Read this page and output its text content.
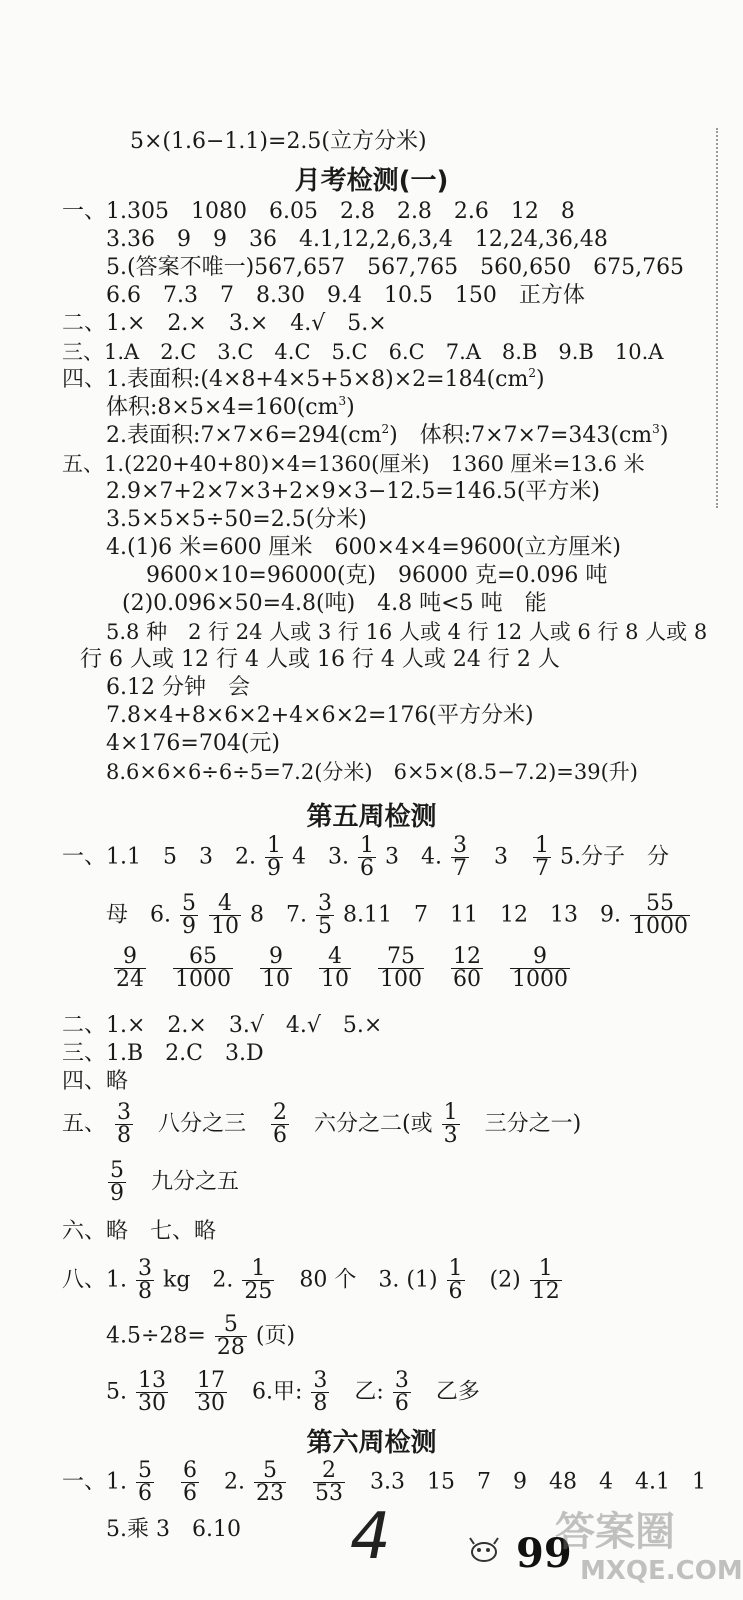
5×(1.6−1.1)=2.5(立方分米)
月考检测(一)
一、1.305　1080　6.05　2.8　2.8　2.6　12　8
3.36　9　9　36　4.1,12,2,6,3,4　12,24,36,48
5.(答案不唯一)567,657　567,765　560,650　675,765
6.6　7.3　7　8.30　9.4　10.5　150　正方体
二、1.×　2.×　3.×　4.√　5.×
三、1.A　2.C　3.C　4.C　5.C　6.C　7.A　8.B　9.B　10.A
四、1.表面积$:(4\times 8+4\times 5+5\times 8)\times 2=184(cm^2)$
体积$:8\times 5\times 4=160(cm^3)$
2.表面积$:7\times 7\times 6=294(cm^2)$　 体积$:7\times 7\times 7=343(cm^3)$
五、1.(220+40+80)×4=1360(厘米)　1360 厘米=13.6 米
2.9×7+2×7×3+2×9×3−12.5=146.5(平方米)
3.5×5×5÷50=2.5(分米)
4.(1)6 米=600 厘米　600×4×4=9600(立方厘米)
9600×10=96000(克)　96000 克=0.096 吨
(2)0.096×50=4.8(吨)　4.8 吨<5 吨　能
5.8 种　2 行 24 人或 3 行 16 人或 4 行 12 人或 6 行 8 人或 8
行 6 人或 12 行 4 人或 16 行 4 人或 24 行 2 人
6.12 分钟　会
7.8×4+8×6×2+4×6×2=176(平方分米)
4×176=704(元)
8.6×6×6÷6÷5=7.2(分米)　6×5×(8.5−7.2)=39(升)
第五周检测
一、1.1　5　3　2. $\frac{1}{9} 4$　3. $\frac{1}{6} 3$　4. $\frac{3}{7} 3 \frac{1}{7} 5$.分子　分
母　6. $\frac{5}{9}$
$\frac{4}{10} 8$　7. $\frac{3}{5} 8.11$　7　11　12　13　9. $\frac{55}{1000}$
$\frac{9}{24}$
$\frac{65}{1000}$
$\frac{9}{10}$
$\frac{4}{10}$
$\frac{75}{100}$
$\frac{12}{60}$
$\frac{9}{1000}$
二、1.×　2.×　3.√　4.√　5.×
三、1.B　2.C　3.D
四、略
五、 $\frac{3}{8}$ 八分之三 $\frac{2}{6}$ 六分之二(或 $\frac{1}{3}$ 三分之一)
$\frac{5}{9}$ 九分之五
六、略　七、略
八、1. $\frac{3}{8}$ kg　2. $\frac{1}{25} 80$ 个　3. $(1) \frac{1}{6} (2) \frac{1}{12}$
$4.5\div 28= \frac{5}{28}$ (页)
5. $\frac{13}{30}$
$\frac{17}{30} 6$.甲: $\frac{3}{8}$ 乙: $\frac{3}{6}$ 乙多
第六周检测
一、1. $\frac{5}{6}$
$\frac{6}{6} 2$. $\frac{5}{23}$
$\frac{2}{53} 3.3$　15　7　9　48　4　4.1　1
5.乘 3　6.10 4	99
答案圈
MXQE.COM
